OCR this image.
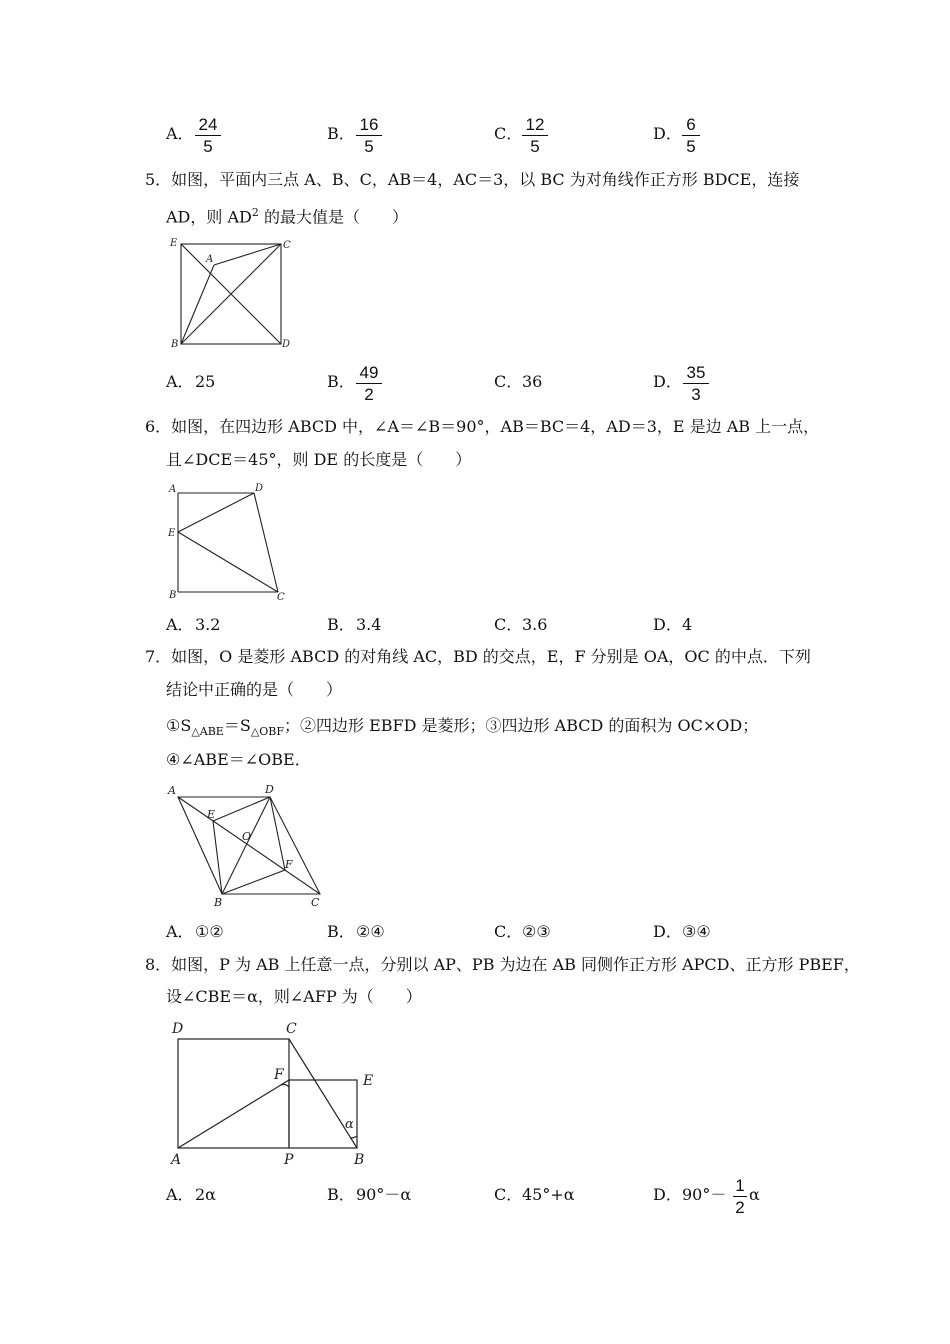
A． 24
5
B． 16
5
C． 12
5
D． 6
5
5．如图，平面内三点 A、B、C，AB＝4，AC＝3，以 BC 为对角线作正方形 BDCE，连接
AD，则 $AD^2$ 的最大值是（　　）
E	C
A
B	D
A． 25	B． 49
2
C． 36	D． 35
3
6．如图，在四边形 ABCD 中，∠A＝∠B＝90°，AB＝BC＝4，AD＝3，E 是边 AB 上一点，
且∠DCE＝45°，则 DE 的长度是（　　）
A	D
E
B	C
A． 3.2	B． 3.4	C． 3.6	D． 4
7．如图，O 是菱形 ABCD 的对角线 AC，BD 的交点，E，F 分别是 OA，OC 的中点．下列
结论中正确的是（　　）
$①S_{\triangle ABE}=S_{\triangle OBF}$；②四边形 EBFD 是菱形；③四边形 ABCD 的面积为 OC×OD；
④∠ABE＝∠OBE．
A	D
E
O
F
B	C
A． ①②	B． ②④	C． ②③	D． ③④
8．如图，P 为 AB 上任意一点，分别以 AP、PB 为边在 AB 同侧作正方形 APCD、正方形 PBEF，
设∠CBE＝α，则∠AFP 为（　　）
D	C
F	E
α
A	P	B
A． 2α	B． 90°－α	C． 45°+α	D． 90°－ 1
2
α
